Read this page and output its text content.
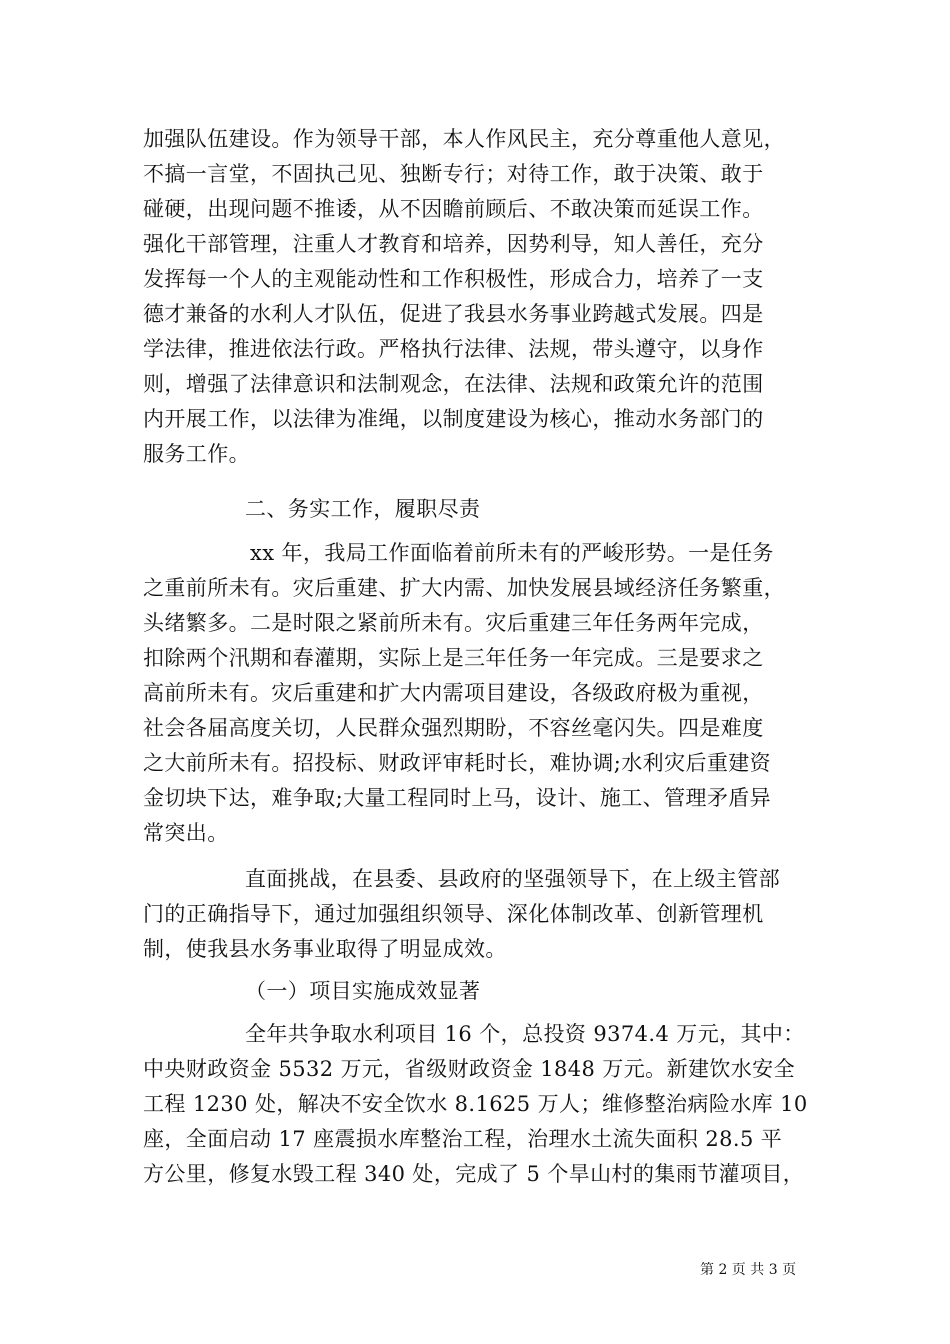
加强队伍建设。作为领导干部，本人作风民主，充分尊重他人意见，
不搞一言堂，不固执己见、独断专行；对待工作，敢于决策、敢于
碰硬，出现问题不推诿，从不因瞻前顾后、不敢决策而延误工作。
强化干部管理，注重人才教育和培养，因势利导，知人善任，充分
发挥每一个人的主观能动性和工作积极性，形成合力，培养了一支
德才兼备的水利人才队伍，促进了我县水务事业跨越式发展。四是
学法律，推进依法行政。严格执行法律、法规，带头遵守，以身作
则，增强了法律意识和法制观念，在法律、法规和政策允许的范围
内开展工作，以法律为准绳，以制度建设为核心，推动水务部门的
服务工作。
二、务实工作，履职尽责
xx 年，我局工作面临着前所未有的严峻形势。一是任务
之重前所未有。灾后重建、扩大内需、加快发展县域经济任务繁重，
头绪繁多。二是时限之紧前所未有。灾后重建三年任务两年完成，
扣除两个汛期和春灌期，实际上是三年任务一年完成。三是要求之
高前所未有。灾后重建和扩大内需项目建设，各级政府极为重视，
社会各届高度关切，人民群众强烈期盼，不容丝毫闪失。四是难度
之大前所未有。招投标、财政评审耗时长，难协调;水利灾后重建资
金切块下达，难争取;大量工程同时上马，设计、施工、管理矛盾异
常突出。
直面挑战，在县委、县政府的坚强领导下，在上级主管部
门的正确指导下，通过加强组织领导、深化体制改革、创新管理机
制，使我县水务事业取得了明显成效。
（一）项目实施成效显著
全年共争取水利项目 16 个，总投资 9374.4 万元，其中：
中央财政资金 5532 万元，省级财政资金 1848 万元。新建饮水安全
工程 1230 处，解决不安全饮水 8.1625 万人；维修整治病险水库 10
座，全面启动 17 座震损水库整治工程，治理水土流失面积 28.5 平
方公里，修复水毁工程 340 处，完成了 5 个旱山村的集雨节灌项目，
第 2 页 共 3 页
